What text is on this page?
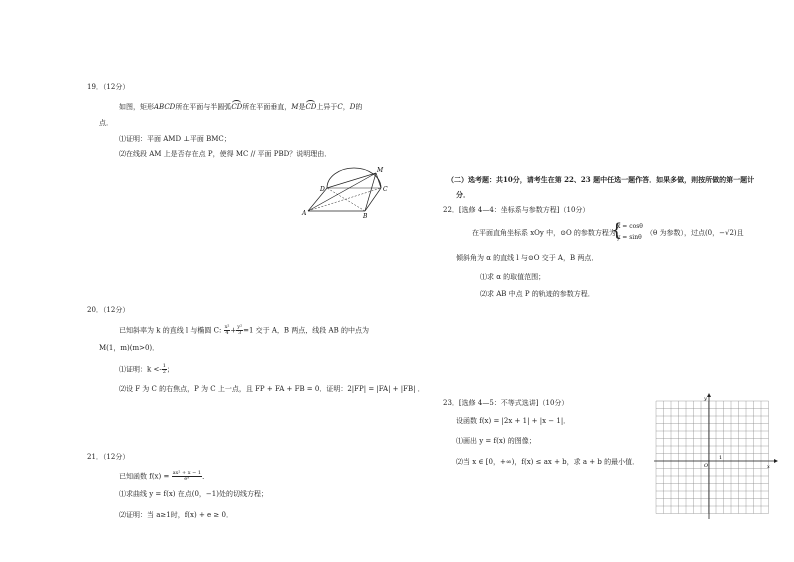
19．（12分）
如图，矩形ABCD所在平面与半圆弧CD所在平面垂直，M是CD上异于C，D的
点．
⑴证明：平面 AMD ⊥平面 BMC；
⑵在线段 AM 上是否存在点 P，使得 MC // 平面 PBD？说明理由．
M
D	C
A	B
20．（12分）
已知斜率为 k 的直线 l 与椭圆 C: $\frac{\text{x²}}{4} + \frac{\text{y²}}{3} =1$ 交于 A，B 两点，线段 AB 的中点为
M(1，m)(m>0)．
⑴证明：$k <- \frac{1}{2}$ ；
⑵设 F 为 C 的右焦点，P 为 C 上一点，且 FP + FA + FB = 0．证明：2|FP| = |FA| + |FB| ．
21．（12分）
已知函数 $f(x) = \frac{\text{ax² + x − 1}}{\text{eˣ}}$ ．
⑴求曲线 y = f(x) 在点(0，−1)处的切线方程；
⑵证明：当 a≥1时，f(x) + e ≥ 0．
（二）选考题：共10分，请考生在第 22、23 题中任选一题作答．如果多做，则按所做的第一题计
分．
22．[选修 4—4：坐标系与参数方程]（10分）
在平面直角坐标系 xOy 中，⊙O 的参数方程为
{
x = cosθ
y = sinθ
（θ 为参数），过点(0，−√2)且
倾斜角为 α 的直线 l 与⊙O 交于 A，B 两点．
⑴求 α 的取值范围；
⑵求 AB 中点 P 的轨迹的参数方程．
23．[选修 4—5：不等式选讲]（10分）
设函数 f(x) = |2x + 1| + |x − 1|．
⑴画出 y = f(x) 的图像；
⑵当 x ∈ [0，+∞)，f(x) ≤ ax + b，求 a + b 的最小值．
y
x
O
1
